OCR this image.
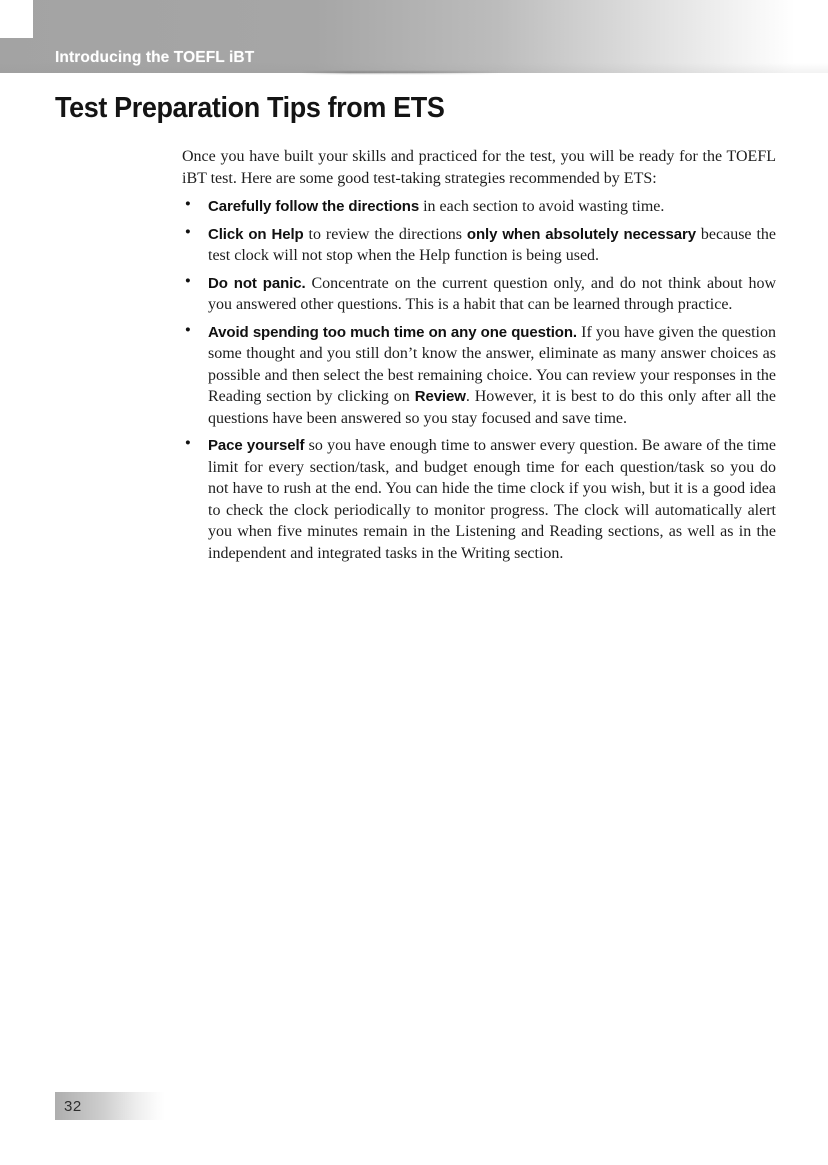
Introducing the TOEFL iBT
Test Preparation Tips from ETS

Once you have built your skills and practiced for the test, you will be ready for the TOEFL iBT test. Here are some good test-taking strategies recommended by ETS:

● Carefully follow the directions in each section to avoid wasting time.
● Click on Help to review the directions only when absolutely necessary because the test clock will not stop when the Help function is being used.
● Do not panic. Concentrate on the current question only, and do not think about how you answered other questions. This is a habit that can be learned through practice.
● Avoid spending too much time on any one question. If you have given the question some thought and you still don’t know the answer, eliminate as many answer choices as possible and then select the best remaining choice. You can review your responses in the Reading section by clicking on Review. However, it is best to do this only after all the questions have been answered so you stay focused and save time.
● Pace yourself so you have enough time to answer every question. Be aware of the time limit for every section/task, and budget enough time for each question/task so you do not have to rush at the end. You can hide the time clock if you wish, but it is a good idea to check the clock periodically to monitor progress. The clock will automatically alert you when five minutes remain in the Listening and Reading sections, as well as in the independent and integrated tasks in the Writing section.
32
